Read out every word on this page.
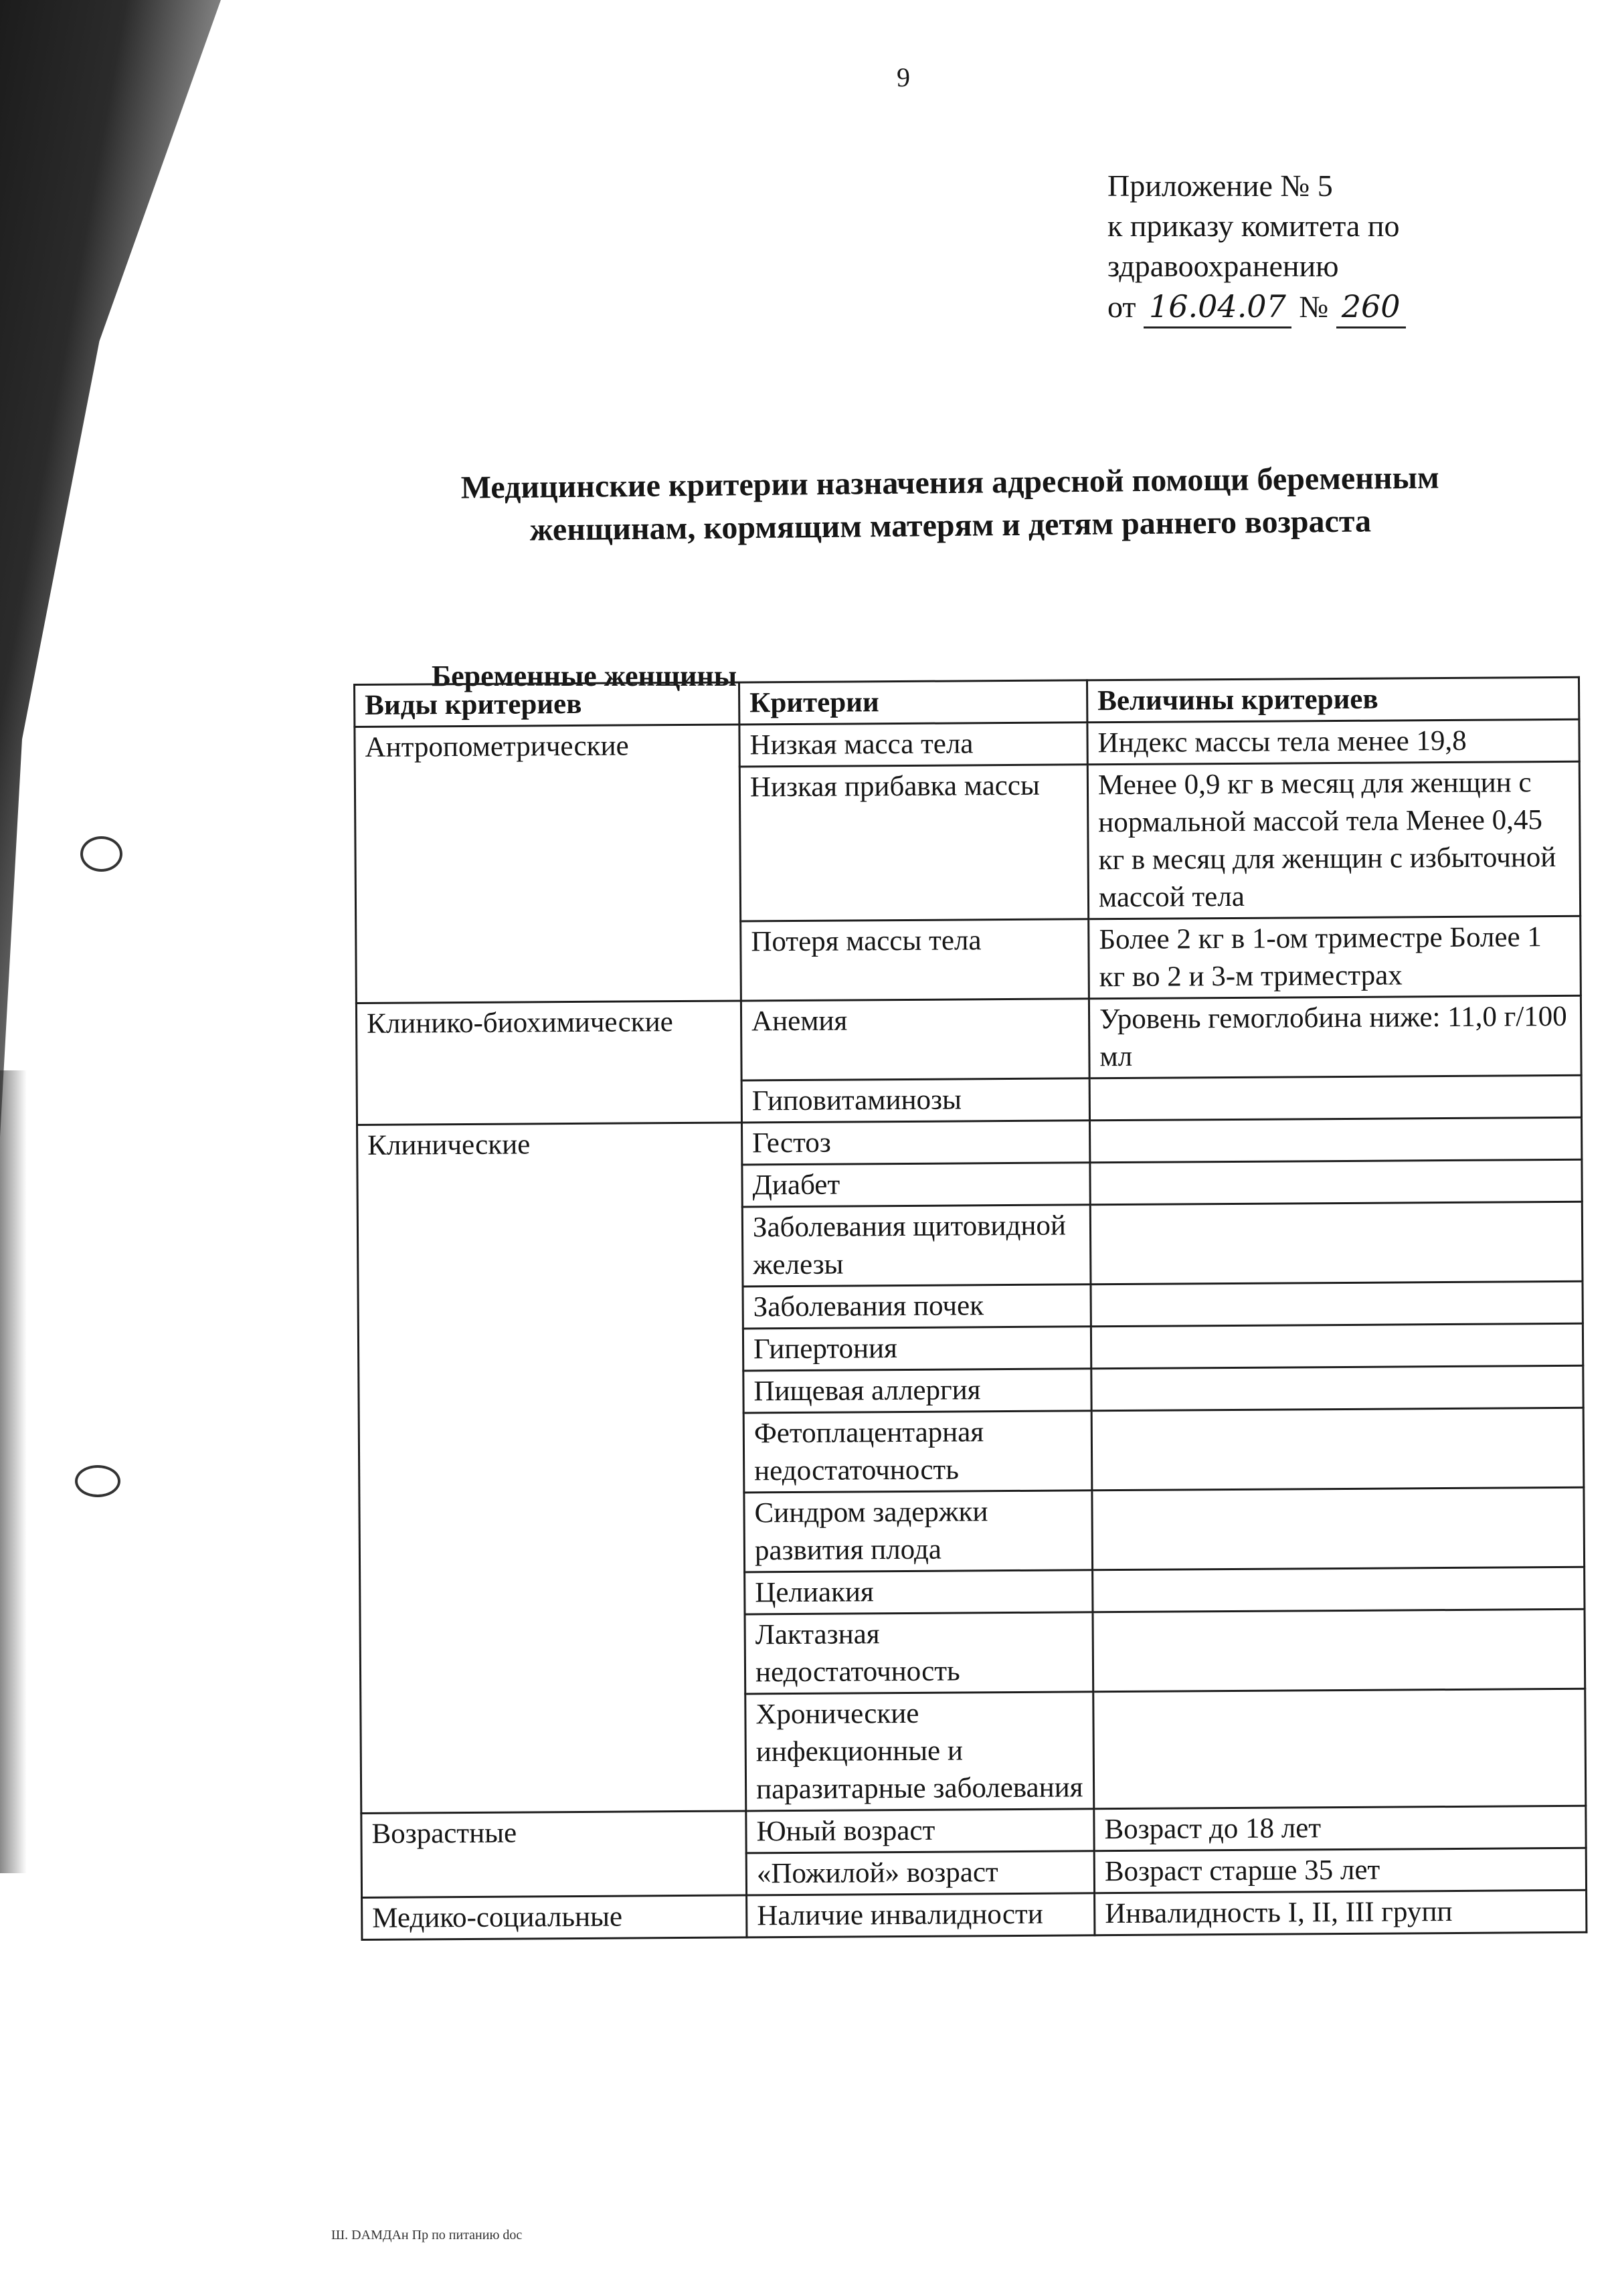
9
Приложение № 5
к приказу комитета по
здравоохранению
от 16.04.07 № 260
Медицинские критерии назначения адресной помощи беременным
женщинам, кормящим матерям и детям раннего возраста
Беременные женщины
Виды критериев	Критерии	Величины критериев
Антропометрические	Низкая масса тела	Индекс массы тела менее 19,8
	Низкая прибавка массы	Менее 0,9 кг в месяц для женщин с нормальной массой тела Менее 0,45 кг в месяц для женщин с избыточной массой тела
	Потеря массы тела	Более 2 кг в 1-ом триместре Более 1 кг во 2 и 3-м триместрах
Клинико-биохимические	Анемия	Уровень гемоглобина ниже: 11,0 г/100 мл
	Гиповитаминозы	
Клинические	Гестоз	
	Диабет	
	Заболевания щитовидной железы	
	Заболевания почек	
	Гипертония	
	Пищевая аллергия	
	Фетоплацентарная недостаточность	
	Синдром задержки развития плода	
	Целиакия	
	Лактазная недостаточность	
	Хронические инфекционные и паразитарные заболевания	
Возрастные	Юный возраст	Возраст до 18 лет
	«Пожилой» возраст	Возраст старше 35 лет
Медико-социальные	Наличие инвалидности	Инвалидность I, II, III групп
Ш. DAMДАн Пр по питанию doc
